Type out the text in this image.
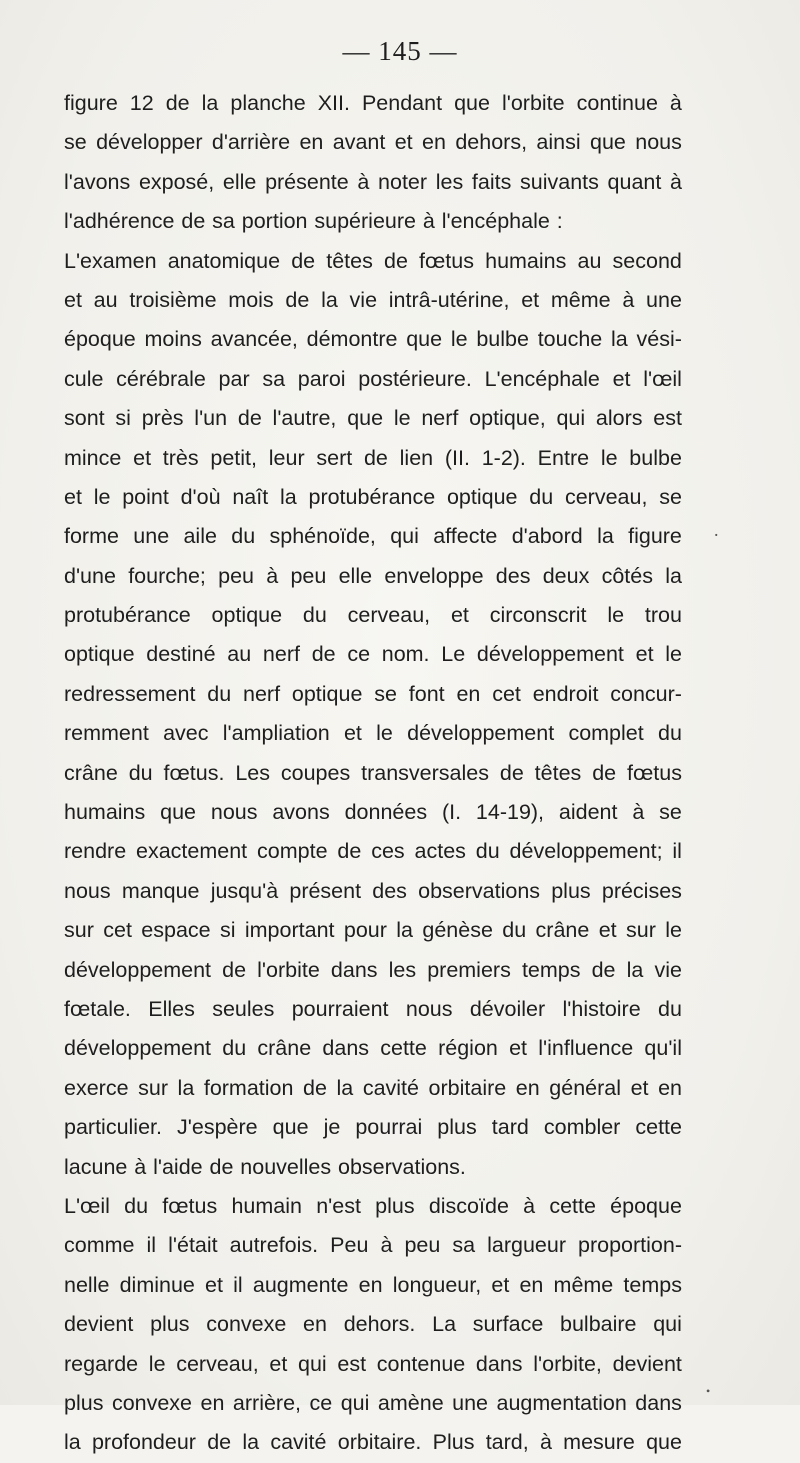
— 145 —
figure 12 de la planche XII. Pendant que l'orbite continue à
se développer d'arrière en avant et en dehors, ainsi que nous
l'avons exposé, elle présente à noter les faits suivants quant à
l'adhérence de sa portion supérieure à l'encéphale :
L'examen anatomique de têtes de fœtus humains au second
et au troisième mois de la vie intrâ-utérine, et même à une
époque moins avancée, démontre que le bulbe touche la vési-
cule cérébrale par sa paroi postérieure. L'encéphale et l'œil
sont si près l'un de l'autre, que le nerf optique, qui alors est
mince et très petit, leur sert de lien (II. 1-2). Entre le bulbe
et le point d'où naît la protubérance optique du cerveau, se
forme une aile du sphénoïde, qui affecte d'abord la figure
d'une fourche; peu à peu elle enveloppe des deux côtés la
protubérance optique du cerveau, et circonscrit le trou
optique destiné au nerf de ce nom. Le développement et le
redressement du nerf optique se font en cet endroit concur-
remment avec l'ampliation et le développement complet du
crâne du fœtus. Les coupes transversales de têtes de fœtus
humains que nous avons données (I. 14-19), aident à se
rendre exactement compte de ces actes du développement; il
nous manque jusqu'à présent des observations plus précises
sur cet espace si important pour la génèse du crâne et sur le
développement de l'orbite dans les premiers temps de la vie
fœtale. Elles seules pourraient nous dévoiler l'histoire du
développement du crâne dans cette région et l'influence qu'il
exerce sur la formation de la cavité orbitaire en général et en
particulier. J'espère que je pourrai plus tard combler cette
lacune à l'aide de nouvelles observations.
L'œil du fœtus humain n'est plus discoïde à cette époque
comme il l'était autrefois. Peu à peu sa largueur proportion-
nelle diminue et il augmente en longueur, et en même temps
devient plus convexe en dehors. La surface bulbaire qui
regarde le cerveau, et qui est contenue dans l'orbite, devient
plus convexe en arrière, ce qui amène une augmentation dans
la profondeur de la cavité orbitaire. Plus tard, à mesure que
.
•
